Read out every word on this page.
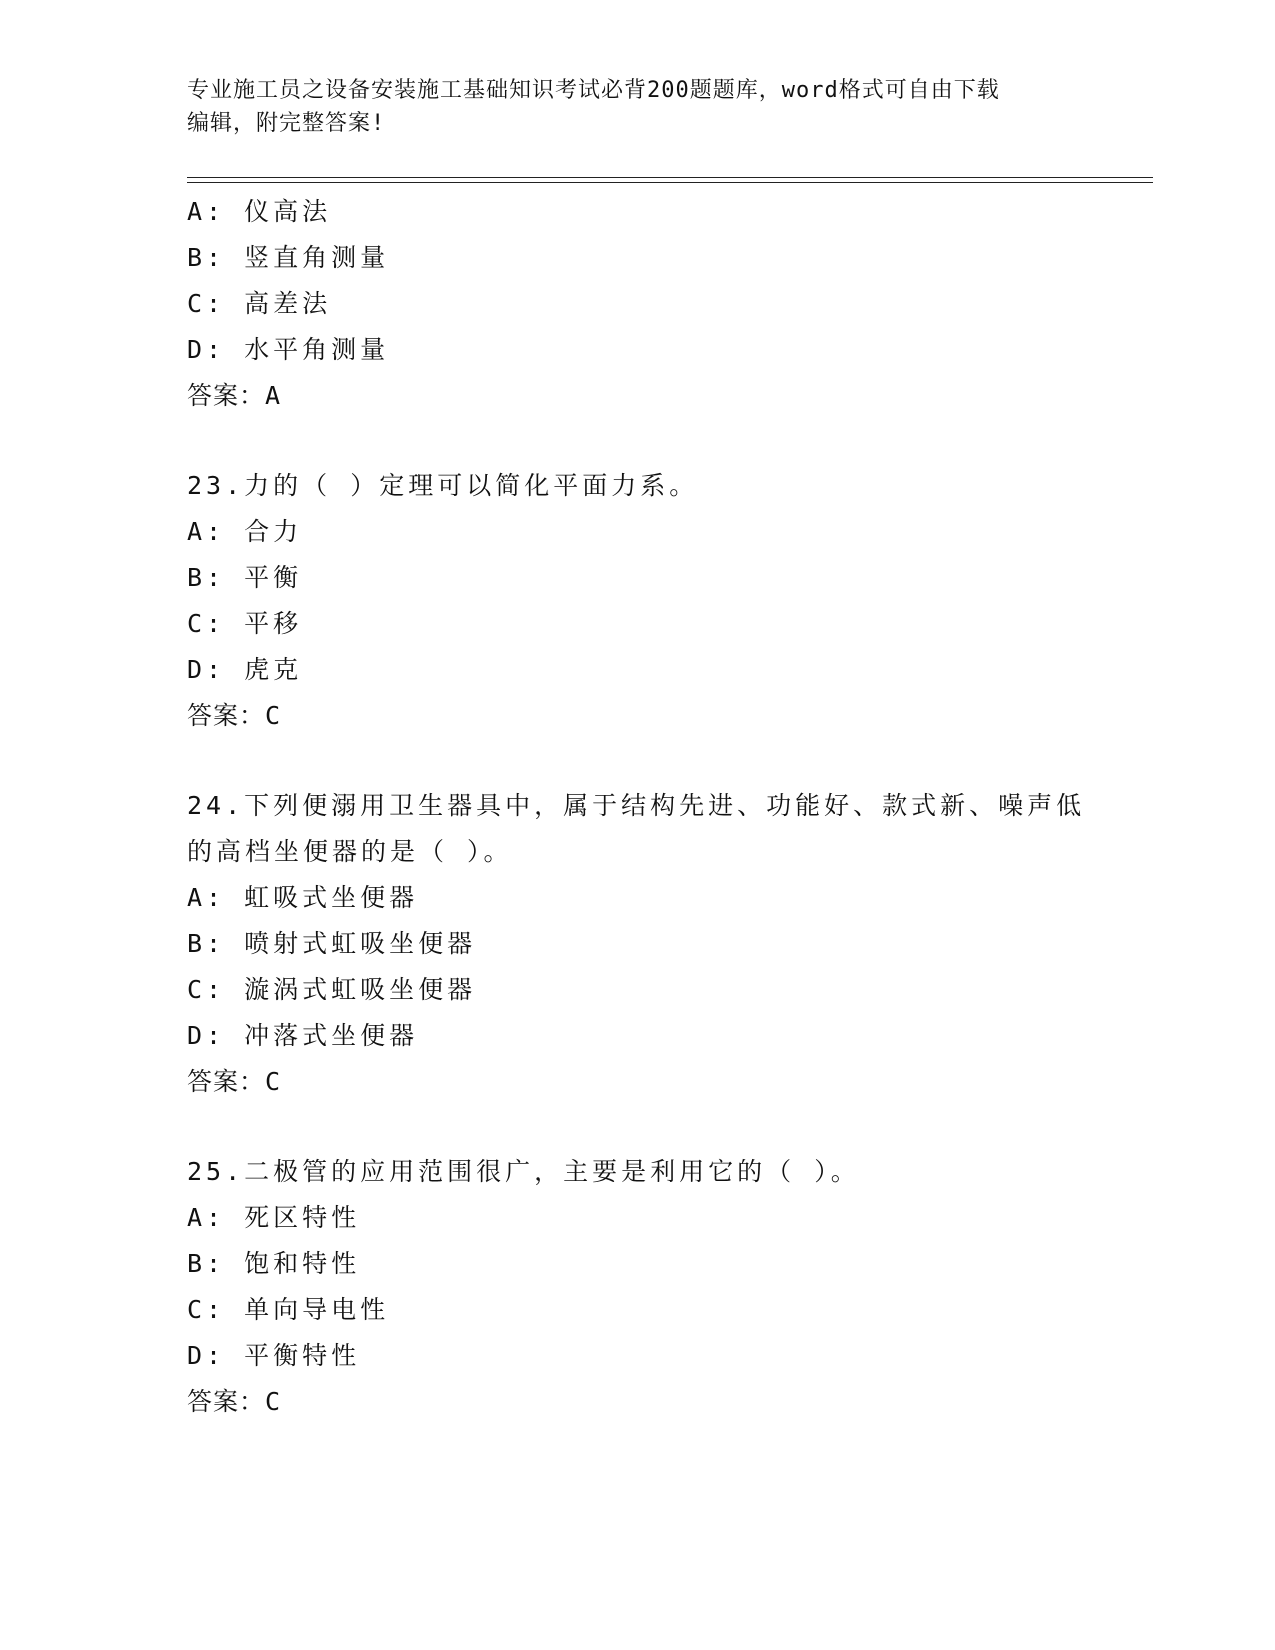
专业施工员之设备安装施工基础知识考试必背200题题库，word格式可自由下载
编辑，附完整答案!
A: 仪高法
B: 竖直角测量
C: 高差法
D: 水平角测量
答案：A
23.力的（ ）定理可以简化平面力系。
A: 合力
B: 平衡
C: 平移
D: 虎克
答案：C
24.下列便溺用卫生器具中，属于结构先进、功能好、款式新、噪声低
的高档坐便器的是（ ）。
A: 虹吸式坐便器
B: 喷射式虹吸坐便器
C: 漩涡式虹吸坐便器
D: 冲落式坐便器
答案：C
25.二极管的应用范围很广，主要是利用它的（ ）。
A: 死区特性
B: 饱和特性
C: 单向导电性
D: 平衡特性
答案：C
